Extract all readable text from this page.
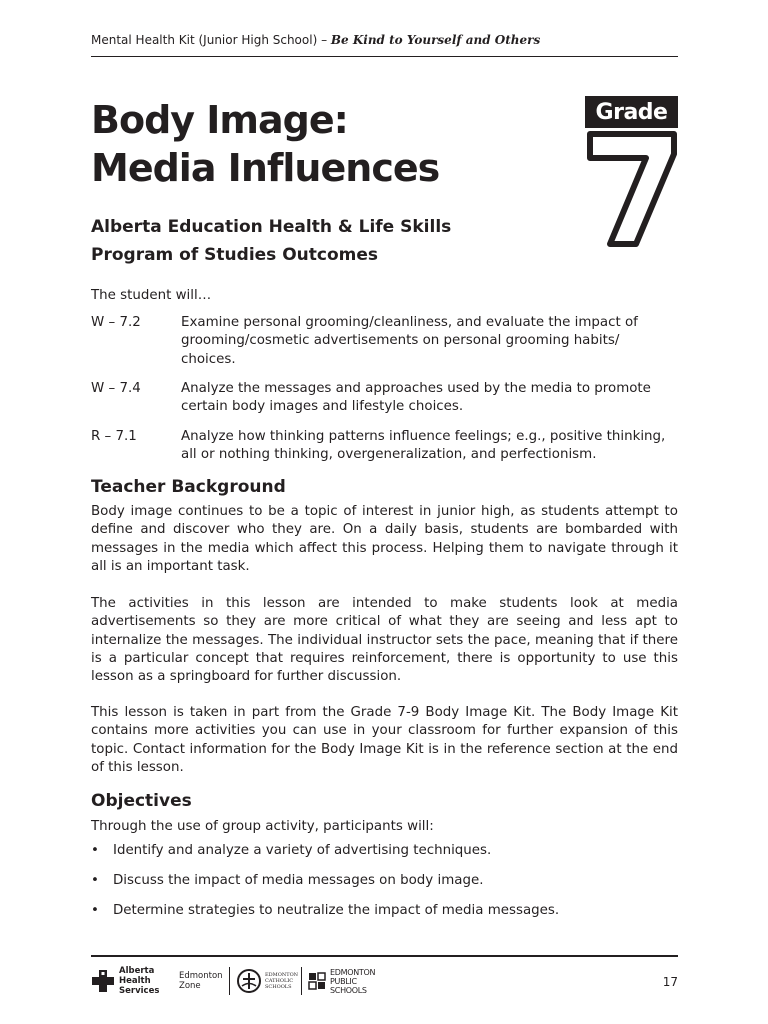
Mental Health Kit (Junior High School) – Be Kind to Yourself and Others
Body Image:
Media Influences
Grade
Alberta Education Health & Life Skills
Program of Studies Outcomes
The student will…
W – 7.2	Examine personal grooming/cleanliness, and evaluate the impact of grooming/cosmetic advertisements on personal grooming habits/ choices.
W – 7.4	Analyze the messages and approaches used by the media to promote certain body images and lifestyle choices.
R – 7.1	Analyze how thinking patterns influence feelings; e.g., positive thinking, all or nothing thinking, overgeneralization, and perfectionism.
Teacher Background
Body image continues to be a topic of interest in junior high, as students attempt to define and discover who they are. On a daily basis, students are bombarded with messages in the media which affect this process. Helping them to navigate through it all is an important task.
The activities in this lesson are intended to make students look at media advertisements so they are more critical of what they are seeing and less apt to internalize the messages. The individual instructor sets the pace, meaning that if there is a particular concept that requires reinforcement, there is opportunity to use this lesson as a springboard for further discussion.
This lesson is taken in part from the Grade 7-9 Body Image Kit. The Body Image Kit contains more activities you can use in your classroom for further expansion of this topic. Contact information for the Body Image Kit is in the reference section at the end of this lesson.
Objectives
Through the use of group activity, participants will:
•	Identify and analyze a variety of advertising techniques.
•	Discuss the impact of media messages on body image.
•	Determine strategies to neutralize the impact of media messages.
Alberta Health
Services
Edmonton
Zone
EDMONTON
CATHOLIC
SCHOOLS
EDMONTON
PUBLIC
SCHOOLS
17
